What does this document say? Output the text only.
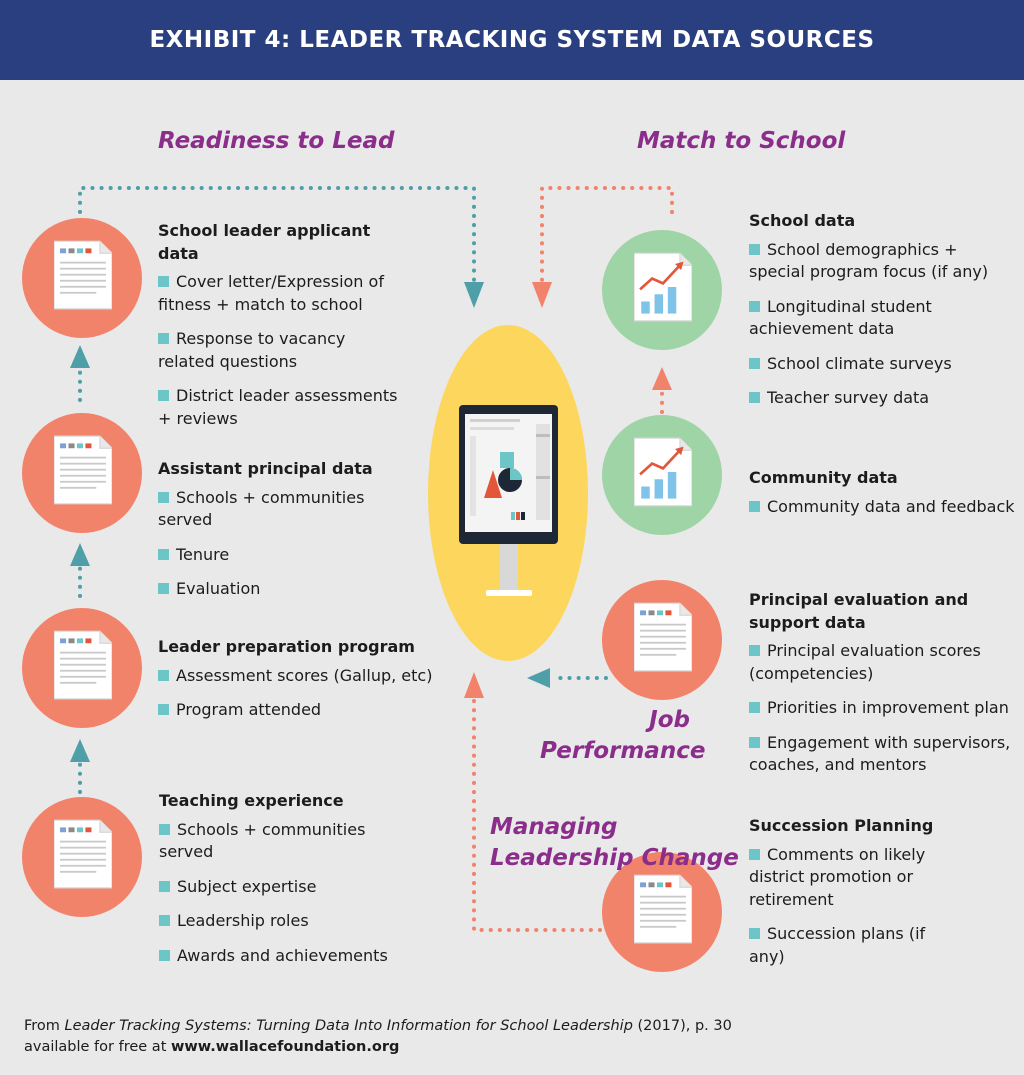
EXHIBIT 4: LEADER TRACKING SYSTEM DATA SOURCES
Readiness to Lead	Match to School
Job Performance
Managing Leadership Change
School leader applicant data
Cover letter/Expression of fitness + match to school
Response to vacancy related questions
District leader assessments + reviews
Assistant principal data
Schools + communities served
Tenure
Evaluation
Leader preparation program
Assessment scores (Gallup, etc)
Program attended
Teaching experience
Schools + communities served
Subject expertise
Leadership roles
Awards and achievements
School data
School demographics + special program focus (if any)
Longitudinal student achievement data
School climate surveys
Teacher survey data
Community data
Community data and feedback
Principal evaluation and support data
Principal evaluation scores (competencies)
Priorities in improvement plan
Engagement with supervisors, coaches, and mentors
Succession Planning
Comments on likely district promotion or retirement
Succession plans (if any)
From Leader Tracking Systems: Turning Data Into Information for School Leadership (2017), p. 30
available for free at www.wallacefoundation.org
